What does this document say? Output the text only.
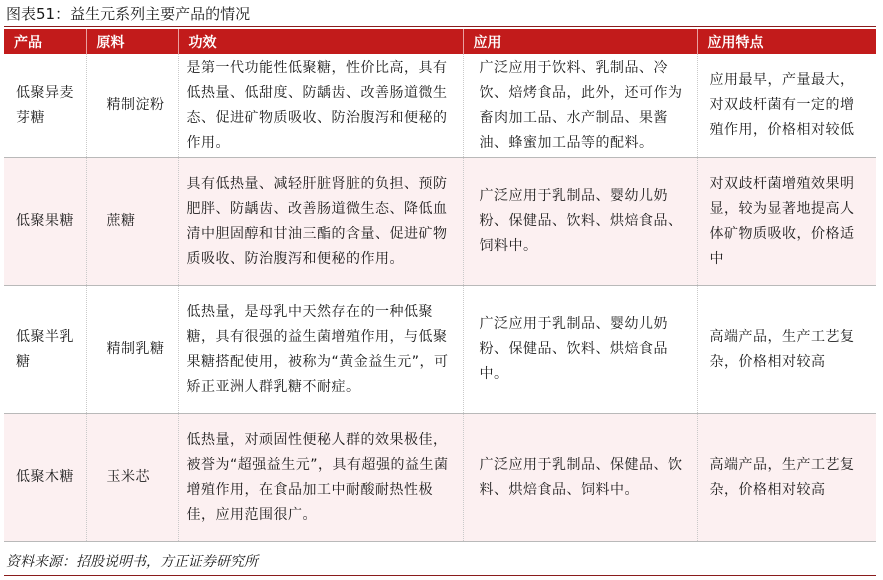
图表51：益生元系列主要产品的情况
产品	原料	功效	应用	应用特点
低聚异麦芽糖	精制淀粉	是第一代功能性低聚糖，性价比高，具有低热量、低甜度、防龋齿、改善肠道微生态、促进矿物质吸收、防治腹泻和便秘的作用。	广泛应用于饮料、乳制品、冷饮、焙烤食品，此外，还可作为畜肉加工品、水产制品、果酱油、蜂蜜加工品等的配料。	应用最早，产量最大，对双歧杆菌有一定的增殖作用，价格相对较低
低聚果糖	蔗糖	具有低热量、减轻肝脏肾脏的负担、预防肥胖、防龋齿、改善肠道微生态、降低血清中胆固醇和甘油三酯的含量、促进矿物质吸收、防治腹泻和便秘的作用。	广泛应用于乳制品、婴幼儿奶粉、保健品、饮料、烘焙食品、饲料中。	对双歧杆菌增殖效果明显，较为显著地提高人体矿物质吸收，价格适中
低聚半乳糖	精制乳糖	低热量，是母乳中天然存在的一种低聚糖，具有很强的益生菌增殖作用，与低聚果糖搭配使用，被称为“黄金益生元”，可矫正亚洲人群乳糖不耐症。	广泛应用于乳制品、婴幼儿奶粉、保健品、饮料、烘焙食品中。	高端产品，生产工艺复杂，价格相对较高
低聚木糖	玉米芯	低热量，对顽固性便秘人群的效果极佳，被誉为“超强益生元”，具有超强的益生菌增殖作用，在食品加工中耐酸耐热性极佳，应用范围很广。	广泛应用于乳制品、保健品、饮料、烘焙食品、饲料中。	高端产品，生产工艺复杂，价格相对较高
资料来源：招股说明书，方正证券研究所
